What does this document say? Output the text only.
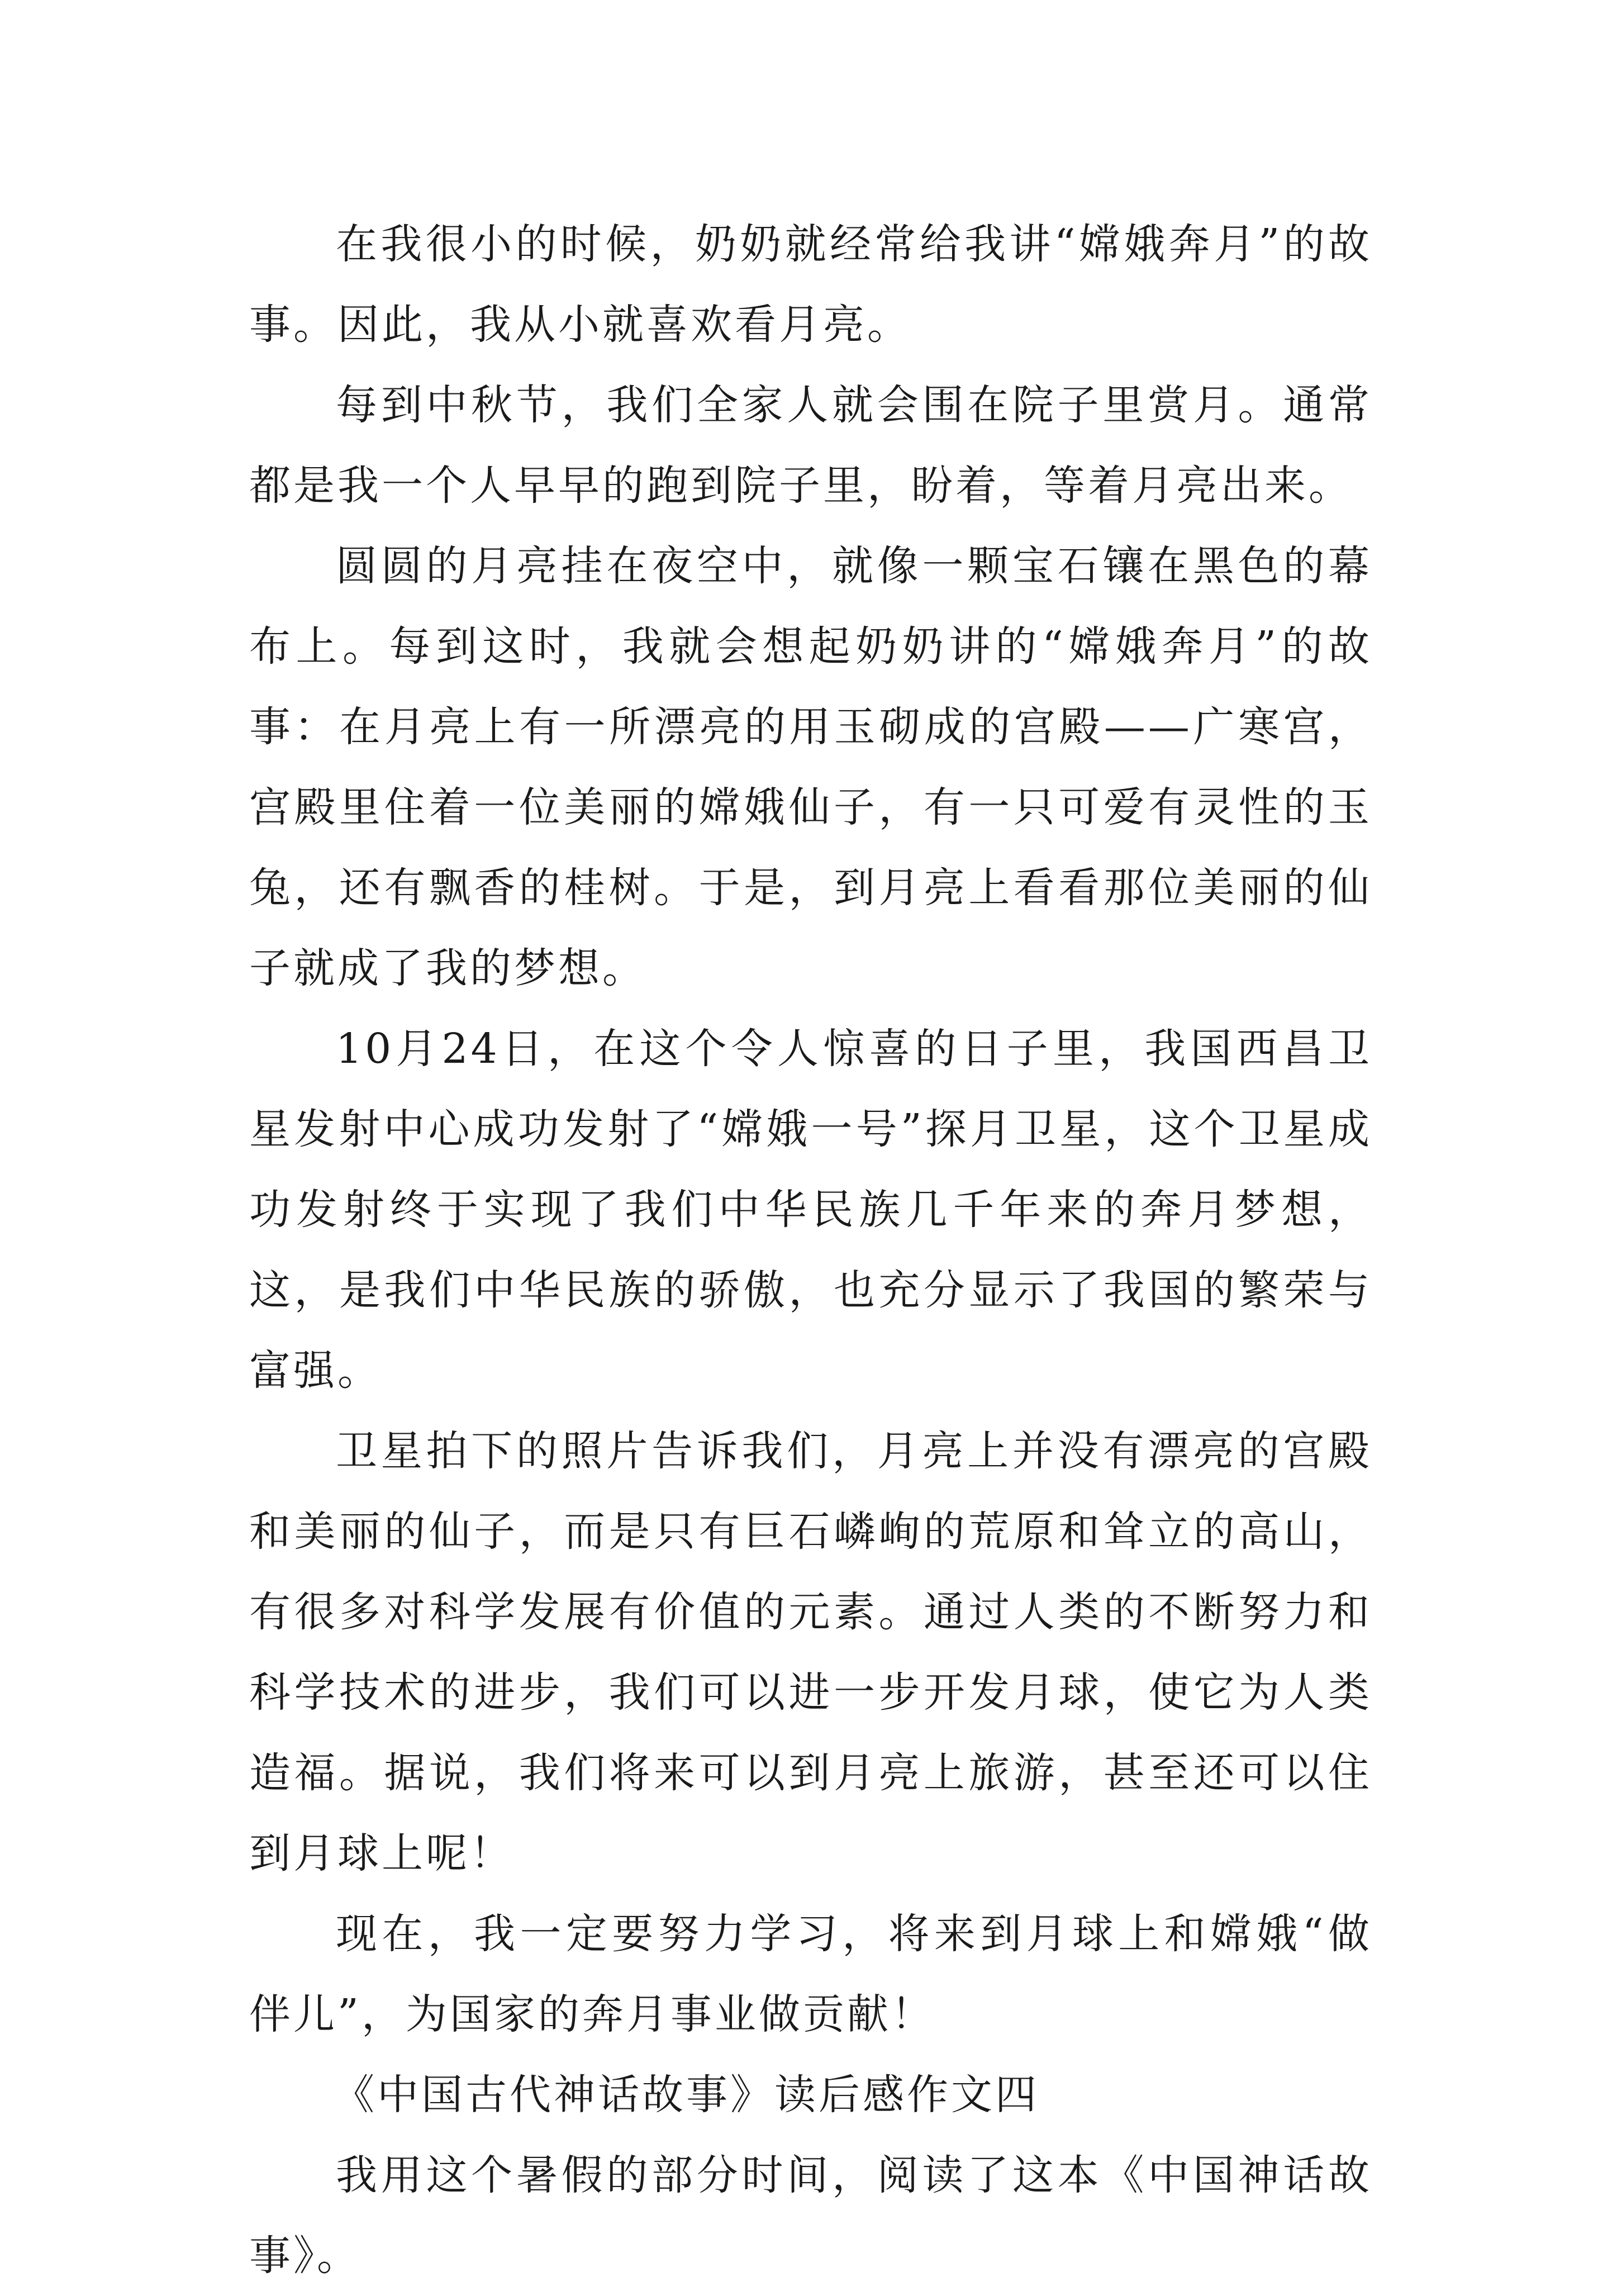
在我很小的时候，奶奶就经常给我讲“嫦娥奔月”的故事。因此，我从小就喜欢看月亮。

每到中秋节，我们全家人就会围在院子里赏月。通常都是我一个人早早的跑到院子里，盼着，等着月亮出来。

圆圆的月亮挂在夜空中，就像一颗宝石镶在黑色的幕布上。每到这时，我就会想起奶奶讲的“嫦娥奔月”的故事：在月亮上有一所漂亮的用玉砌成的宫殿——广寒宫，宫殿里住着一位美丽的嫦娥仙子，有一只可爱有灵性的玉兔，还有飘香的桂树。于是，到月亮上看看那位美丽的仙子就成了我的梦想。

10月24日，在这个令人惊喜的日子里，我国西昌卫星发射中心成功发射了“嫦娥一号”探月卫星，这个卫星成功发射终于实现了我们中华民族几千年来的奔月梦想，这，是我们中华民族的骄傲，也充分显示了我国的繁荣与富强。

卫星拍下的照片告诉我们，月亮上并没有漂亮的宫殿和美丽的仙子，而是只有巨石嶙峋的荒原和耸立的高山，有很多对科学发展有价值的元素。通过人类的不断努力和科学技术的进步，我们可以进一步开发月球，使它为人类造福。据说，我们将来可以到月亮上旅游，甚至还可以住到月球上呢！

现在，我一定要努力学习，将来到月球上和嫦娥“做伴儿”，为国家的奔月事业做贡献！

《中国古代神话故事》读后感作文四

我用这个暑假的部分时间，阅读了这本《中国神话故事》。
